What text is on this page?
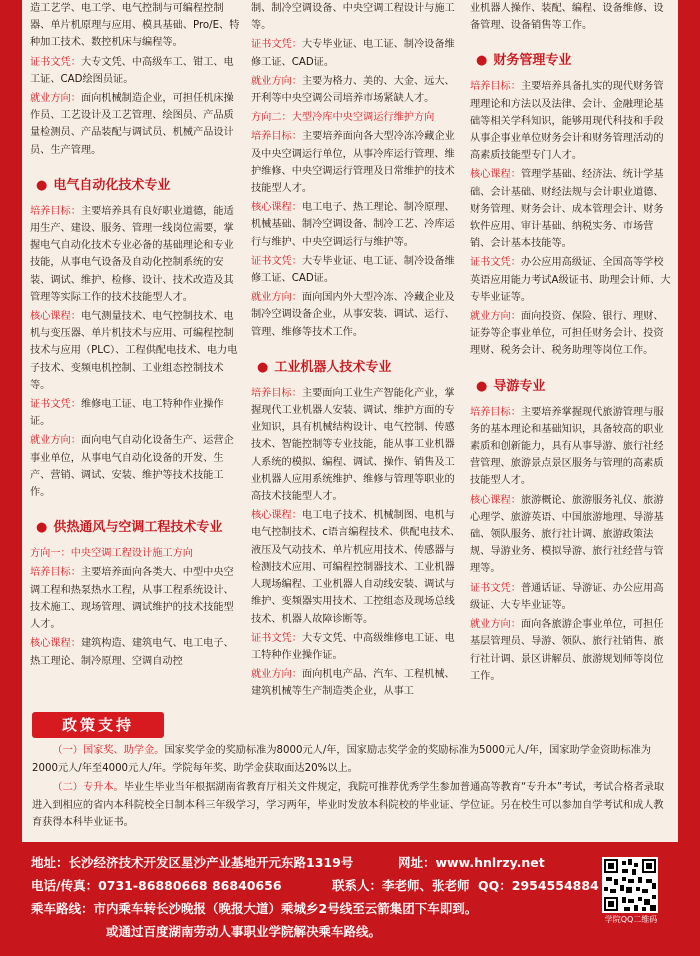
造工艺学、电工学、电气控制与可编程控制器、单片机原理与应用、模具基础、Pro/E、特种加工技术、数控机床与编程等。
证书文凭：大专文凭、中高级车工、钳工、电工证、CAD绘图员证。
就业方向：面向机械制造企业，可担任机床操作员、工艺设计及工艺管理、绘图员、产品质量检测员、产品装配与调试员、机械产品设计员、生产管理。
● 电气自动化技术专业
培养目标：主要培养具有良好职业道德，能适用生产、建设、服务、管理一线岗位需要，掌握电气自动化技术专业必备的基础理论和专业技能，从事电气设备及自动化控制系统的安装、调试、维护、检修、设计、技术改造及其管理等实际工作的技术技能型人才。
核心课程：电气测量技术、电气控制技术、电机与变压器、单片机技术与应用、可编程控制技术与应用（PLC）、工程供配电技术、电力电子技术、变频电机控制、工业组态控制技术等。
证书文凭：维修电工证、电工特种作业操作证。
就业方向：面向电气自动化设备生产、运营企事业单位，从事电气自动化设备的开发、生产、营销、调试、安装、维护等技术技能工作。
● 供热通风与空调工程技术专业
方向一：中央空调工程设计施工方向
培养目标：主要培养面向各类大、中型中央空调工程和热泵热水工程，从事工程系统设计、技术施工、现场管理、调试维护的技术技能型人才。
核心课程：建筑构造、建筑电气、电工电子、热工理论、制冷原理、空调自动控
制、制冷空调设备、中央空调工程设计与施工等。
证书文凭：大专毕业证、电工证、制冷设备维修工证、CAD证。
就业方向：主要为格力、美的、大金、远大、开利等中央空调公司培养市场紧缺人才。
方向二：大型冷库中央空调运行维护方向
培养目标：主要培养面向各大型冷冻冷藏企业及中央空调运行单位，从事冷库运行管理、维护维修、中央空调运行管理及日常维护的技术技能型人才。
核心课程：电工电子、热工理论、制冷原理、机械基础、制冷空调设备、制冷工艺、冷库运行与维护、中央空调运行与维护等。
证书文凭：大专毕业证、电工证、制冷设备维修工证、CAD证。
就业方向：面向国内外大型冷冻、冷藏企业及制冷空调设备企业，从事安装、调试、运行、管理、维修等技术工作。
● 工业机器人技术专业
培养目标：主要面向工业生产智能化产业，掌握现代工业机器人安装、调试、维护方面的专业知识，具有机械结构设计、电气控制、传感技术、智能控制等专业技能，能从事工业机器人系统的模拟、编程、调试、操作、销售及工业机器人应用系统维护、维修与管理等职业的高技术技能型人才。
核心课程：电工电子技术、机械制图、电机与电气控制技术、c语言编程技术、供配电技术、液压及气动技术、单片机应用技术、传感器与检测技术应用、可编程控制器技术、工业机器人现场编程、工业机器人自动线安装、调试与维护、变频器实用技术、工控组态及现场总线技术、机器人故障诊断等。
证书文凭：大专文凭、中高级维修电工证、电工特种作业操作证。
就业方向：面向机电产品、汽车、工程机械、建筑机械等生产制造类企业，从事工
业机器人操作、装配、编程、设备维修、设备管理、设备销售等工作。
● 财务管理专业
培养目标：主要培养具备扎实的现代财务管理理论和方法以及法律、会计、金融理论基础等相关学科知识，能够用现代科技和手段从事企事业单位财务会计和财务管理活动的高素质技能型专门人才。
核心课程：管理学基础、经济法、统计学基础、会计基础、财经法规与会计职业道德、财务管理、财务会计、成本管理会计、财务软件应用、审计基础、纳税实务、市场营销、会计基本技能等。
证书文凭：办公应用高级证、全国高等学校英语应用能力考试A级证书、助理会计师、大专毕业证等。
就业方向：面向投资、保险、银行、理财、证券等企事业单位，可担任财务会计、投资理财、税务会计、税务助理等岗位工作。
● 导游专业
培养目标：主要培养掌握现代旅游管理与服务的基本理论和基础知识，具备较高的职业素质和创新能力，具有从事导游、旅行社经营管理、旅游景点景区服务与管理的高素质技能型人才。
核心课程：旅游概论、旅游服务礼仪、旅游心理学、旅游英语、中国旅游地理、导游基础、领队服务、旅行社计调、旅游政策法规、导游业务、模拟导游、旅行社经营与管理等。
证书文凭：普通话证、导游证、办公应用高级证、大专毕业证等。
就业方向：面向各旅游企事业单位，可担任基层管理员、导游、领队、旅行社销售、旅行社计调、景区讲解员、旅游规划师等岗位工作。
政策支持

（一）国家奖、助学金。国家奖学金的奖励标准为8000元人/年，国家励志奖学金的奖励标准为5000元人/年，国家助学金资助标准为2000元人/年至4000元人/年。学院每年奖、助学金获取面达20%以上。

（二）专升本。毕业生毕业当年根据湖南省教育厅相关文件规定，我院可推荐优秀学生参加普通高等教育“专升本”考试，考试合格者录取进入到相应的省内本科院校全日制本科三年级学习，学习两年，毕业时发放本科院校的毕业证、学位证。另在校生可以参加自学考试和成人教育获得本科毕业证书。

地址：长沙经济技术开发区星沙产业基地开元东路1319号	网址：www.hnlrzy.net
电话/传真：0731-86880668 86840656	联系人：李老师、张老师 QQ：2954554884
乘车路线：市内乘车转长沙晚报（晚报大道）乘城乡2号线至云箭集团下车即到。
或通过百度湖南劳动人事职业学院解决乘车路线。
学院QQ二维码
